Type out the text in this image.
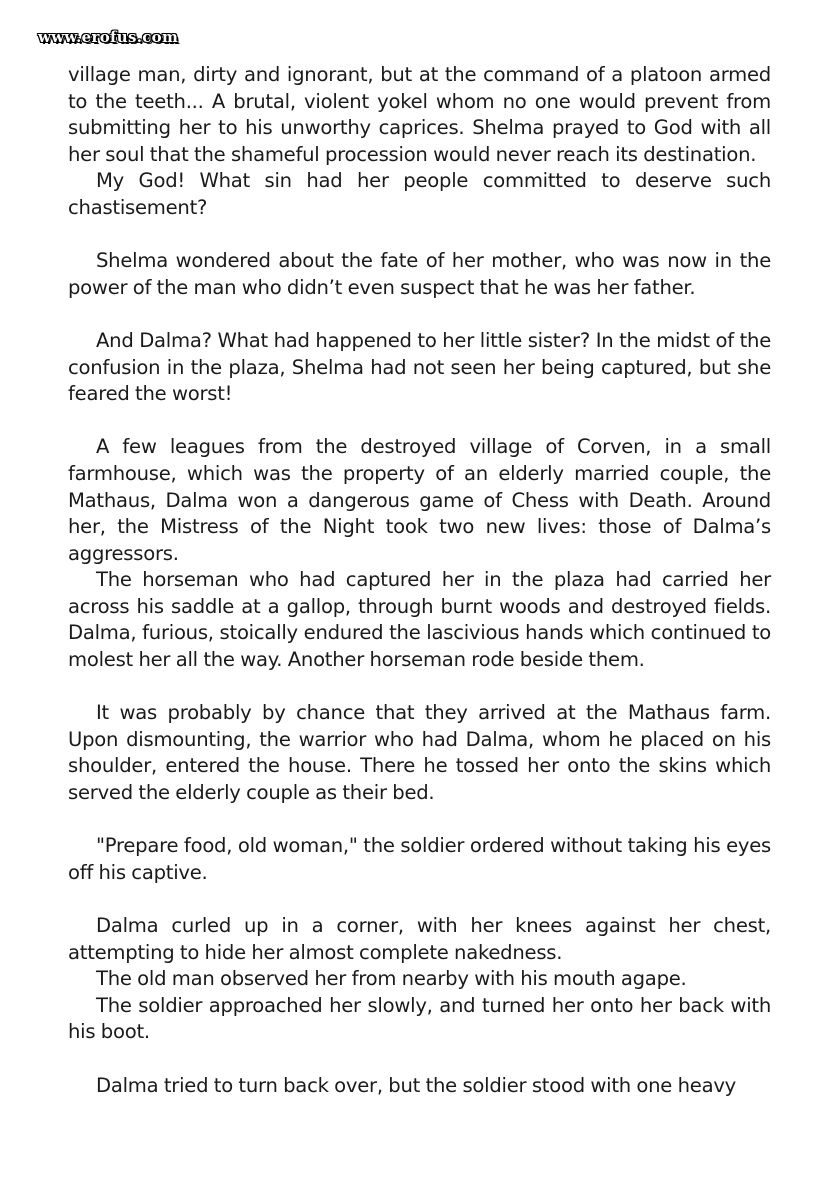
www.erofus.com

village man, dirty and ignorant, but at the command of a platoon armed to the teeth... A brutal, violent yokel whom no one would prevent from submitting her to his unworthy caprices. Shelma prayed to God with all her soul that the shameful procession would never reach its destination.

My God! What sin had her people committed to deserve such chastisement?

Shelma wondered about the fate of her mother, who was now in the power of the man who didn’t even suspect that he was her father.

And Dalma? What had happened to her little sister? In the midst of the confusion in the plaza, Shelma had not seen her being captured, but she feared the worst!

A few leagues from the destroyed village of Corven, in a small farmhouse, which was the property of an elderly married couple, the Mathaus, Dalma won a dangerous game of Chess with Death. Around her, the Mistress of the Night took two new lives: those of Dalma’s aggressors.

The horseman who had captured her in the plaza had carried her across his saddle at a gallop, through burnt woods and destroyed fields. Dalma, furious, stoically endured the lascivious hands which continued to molest her all the way. Another horseman rode beside them.

It was probably by chance that they arrived at the Mathaus farm. Upon dismounting, the warrior who had Dalma, whom he placed on his shoulder, entered the house. There he tossed her onto the skins which served the elderly couple as their bed.

"Prepare food, old woman," the soldier ordered without taking his eyes off his captive.

Dalma curled up in a corner, with her knees against her chest, attempting to hide her almost complete nakedness.

The old man observed her from nearby with his mouth agape.

The soldier approached her slowly, and turned her onto her back with his boot.

Dalma tried to turn back over, but the soldier stood with one heavy
